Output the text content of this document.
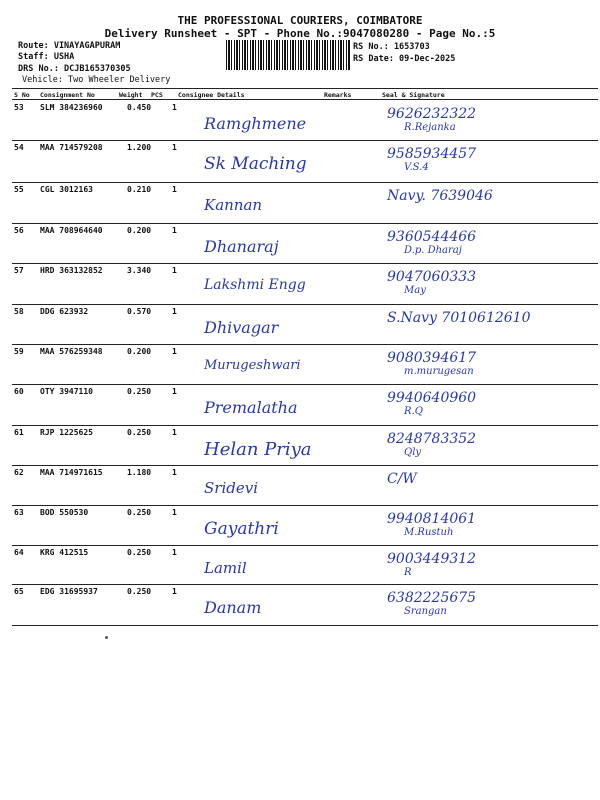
THE PROFESSIONAL COURIERS, COIMBATORE
Delivery Runsheet - SPT - Phone No.:9047080280 - Page No.:5
Route: VINAYAGAPURAM
Staff: USHA
DRS No.: DCJB165370305
Vehicle: Two Wheeler Delivery
RS No.: 1653703
RS Date: 09-Dec-2025
S No Consignment No	Weight PCS Consignee Details	Remarks	Seal & Signature
53 SLM 384236960	0.450	1
Ramghmene	9626232322
R.Rejanka
54 MAA 714579208	1.200	1
Sk Maching	9585934457
V.S.4
55 CGL 3012163	0.210	1
Kannan	Navy. 7639046
56 MAA 708964640	0.200	1
Dhanaraj	9360544466
D.p. Dharaj
57 HRD 363132852	3.340	1
Lakshmi Engg	9047060333
May
58 DDG 623932	0.570	1
Dhivagar	S.Navy 7010612610
59 MAA 576259348	0.200	1
Murugeshwari	9080394617
m.murugesan
60 OTY 3947110	0.250	1
Premalatha	9940640960
R.Q
61 RJP 1225625	0.250	1
Helan Priya	8248783352
Qly
62 MAA 714971615	1.180	1
Sridevi	C/W
63 BOD 550530	0.250	1
Gayathri	9940814061
M.Rustuh
64 KRG 412515	0.250	1
Lamil	9003449312
R
65 EDG 31695937	0.250	1
Danam	6382225675
Srangan
